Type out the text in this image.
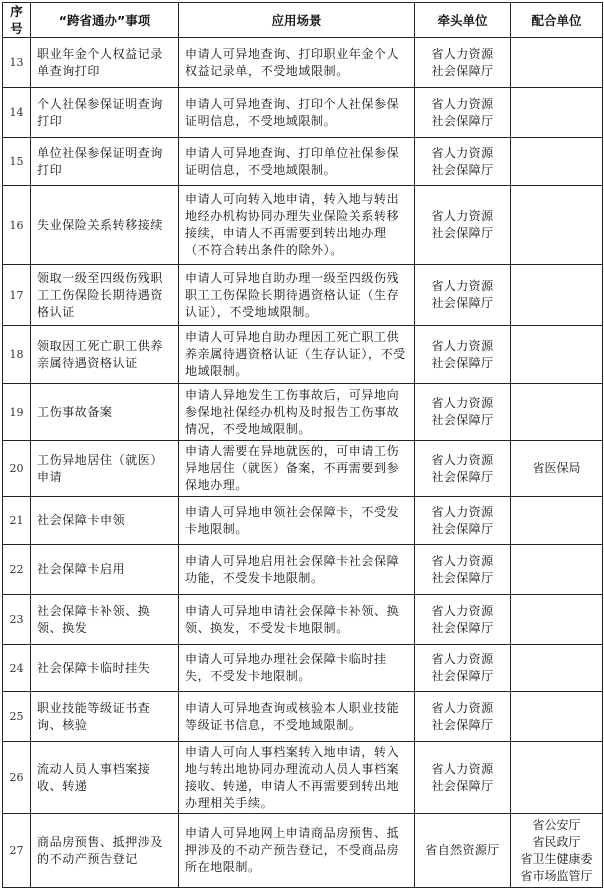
序号	“跨省通办”事项	应用场景	牵头单位	配合单位
13	职业年金个人权益记录单查询打印	申请人可异地查询、打印职业年金个人权益记录单，不受地域限制。	省人力资源
社会保障厅	

14	个人社保参保证明查询打印	申请人可异地查询、打印个人社保参保证明信息，不受地域限制。	省人力资源
社会保障厅	

15	单位社保参保证明查询打印	申请人可异地查询、打印单位社保参保证明信息，不受地域限制。	省人力资源
社会保障厅	

16	失业保险关系转移接续	申请人可向转入地申请，转入地与转出地经办机构协同办理失业保险关系转移接续，申请人不再需要到转出地办理（不符合转出条件的除外）。	省人力资源
社会保障厅	

17	领取一级至四级伤残职工工伤保险长期待遇资格认证	申请人可异地自助办理一级至四级伤残职工工伤保险长期待遇资格认证（生存认证），不受地域限制。	省人力资源
社会保障厅	

18	领取因工死亡职工供养亲属待遇资格认证	申请人可异地自助办理因工死亡职工供养亲属待遇资格认证（生存认证），不受地域限制。	省人力资源
社会保障厅	

19	工伤事故备案	申请人异地发生工伤事故后，可异地向参保地社保经办机构及时报告工伤事故情况，不受地域限制。	省人力资源
社会保障厅	

20	工伤异地居住（就医）申请	申请人需要在异地就医的，可申请工伤异地居住（就医）备案，不再需要到参保地办理。	省人力资源
社会保障厅	省医保局

21	社会保障卡申领	申请人可异地申领社会保障卡，不受发卡地限制。	省人力资源
社会保障厅	

22	社会保障卡启用	申请人可异地启用社会保障卡社会保障功能，不受发卡地限制。	省人力资源
社会保障厅	

23	社会保障卡补领、换领、换发	申请人可异地申请社会保障卡补领、换领、换发，不受发卡地限制。	省人力资源
社会保障厅	

24	社会保障卡临时挂失	申请人可异地办理社会保障卡临时挂失，不受发卡地限制。	省人力资源
社会保障厅	

25	职业技能等级证书查询、核验	申请人可异地查询或核验本人职业技能等级证书信息，不受地域限制。	省人力资源
社会保障厅	

26	流动人员人事档案接收、转递	申请人可向人事档案转入地申请，转入地与转出地协同办理流动人员人事档案接收、转递，申请人不再需要到转出地办理相关手续。	省人力资源
社会保障厅	

27	商品房预售、抵押涉及的不动产预告登记	申请人可异地网上申请商品房预售、抵押涉及的不动产预告登记，不受商品房所在地限制。	省自然资源厅	省公安厅
省民政厅
省卫生健康委
省市场监管厅
